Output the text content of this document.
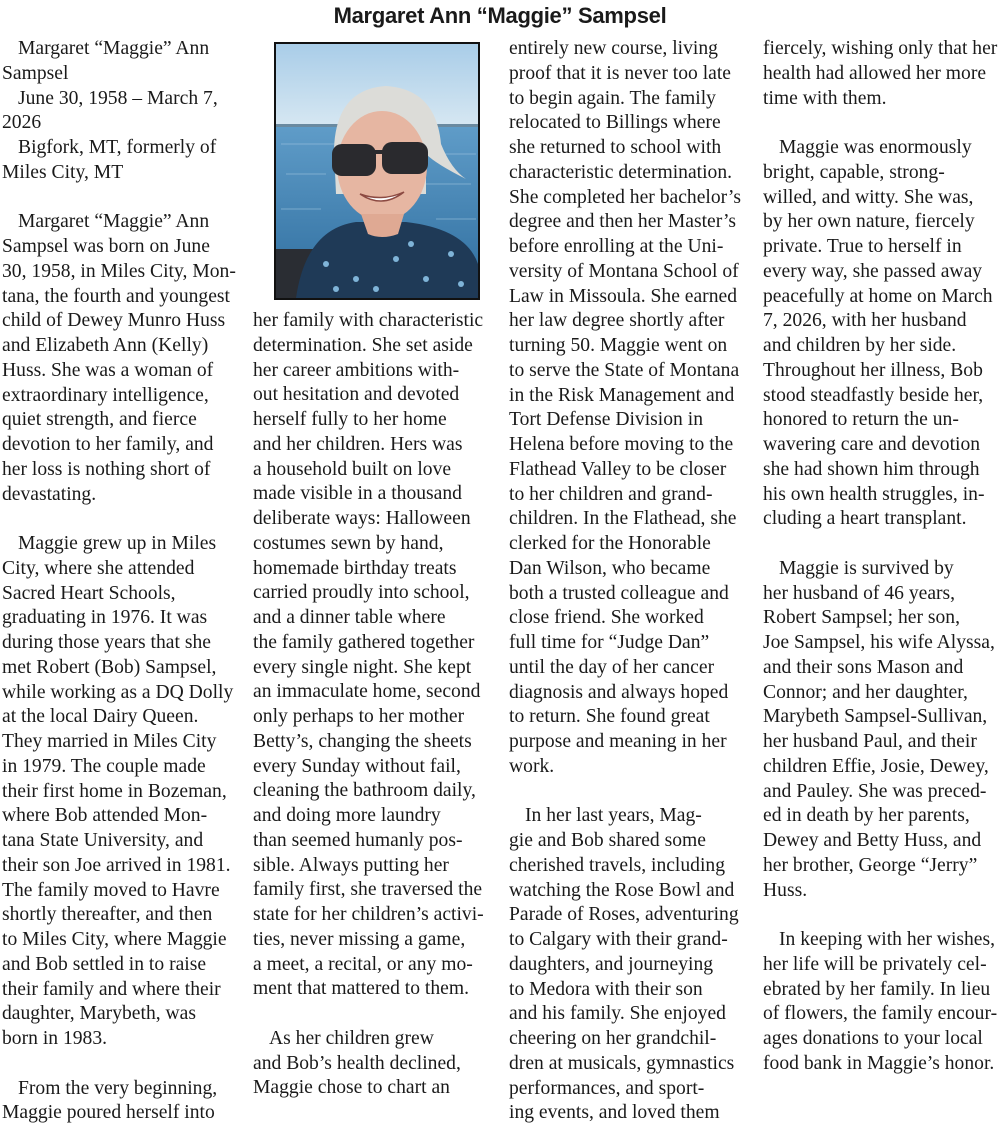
Margaret Ann “Maggie” Sampsel
Margaret “Maggie” Ann
Sampsel
June 30, 1958 – March 7,
2026
Bigfork, MT, formerly of
Miles City, MT
Margaret “Maggie” Ann
Sampsel was born on June
30, 1958, in Miles City, Mon-
tana, the fourth and youngest
child of Dewey Munro Huss
and Elizabeth Ann (Kelly)
Huss. She was a woman of
extraordinary intelligence,
quiet strength, and fierce
devotion to her family, and
her loss is nothing short of
devastating.
Maggie grew up in Miles
City, where she attended
Sacred Heart Schools,
graduating in 1976. It was
during those years that she
met Robert (Bob) Sampsel,
while working as a DQ Dolly
at the local Dairy Queen.
They married in Miles City
in 1979. The couple made
their first home in Bozeman,
where Bob attended Mon-
tana State University, and
their son Joe arrived in 1981.
The family moved to Havre
shortly thereafter, and then
to Miles City, where Maggie
and Bob settled in to raise
their family and where their
daughter, Marybeth, was
born in 1983.
From the very beginning,
Maggie poured herself into
her family with characteristic
determination. She set aside
her career ambitions with-
out hesitation and devoted
herself fully to her home
and her children. Hers was
a household built on love
made visible in a thousand
deliberate ways: Halloween
costumes sewn by hand,
homemade birthday treats
carried proudly into school,
and a dinner table where
the family gathered together
every single night. She kept
an immaculate home, second
only perhaps to her mother
Betty’s, changing the sheets
every Sunday without fail,
cleaning the bathroom daily,
and doing more laundry
than seemed humanly pos-
sible. Always putting her
family first, she traversed the
state for her children’s activi-
ties, never missing a game,
a meet, a recital, or any mo-
ment that mattered to them.
As her children grew
and Bob’s health declined,
Maggie chose to chart an
entirely new course, living
proof that it is never too late
to begin again. The family
relocated to Billings where
she returned to school with
characteristic determination.
She completed her bachelor’s
degree and then her Master’s
before enrolling at the Uni-
versity of Montana School of
Law in Missoula. She earned
her law degree shortly after
turning 50. Maggie went on
to serve the State of Montana
in the Risk Management and
Tort Defense Division in
Helena before moving to the
Flathead Valley to be closer
to her children and grand-
children. In the Flathead, she
clerked for the Honorable
Dan Wilson, who became
both a trusted colleague and
close friend. She worked
full time for “Judge Dan”
until the day of her cancer
diagnosis and always hoped
to return. She found great
purpose and meaning in her
work.
In her last years, Mag-
gie and Bob shared some
cherished travels, including
watching the Rose Bowl and
Parade of Roses, adventuring
to Calgary with their grand-
daughters, and journeying
to Medora with their son
and his family. She enjoyed
cheering on her grandchil-
dren at musicals, gymnastics
performances, and sport-
ing events, and loved them
fiercely, wishing only that her
health had allowed her more
time with them.
Maggie was enormously
bright, capable, strong-
willed, and witty. She was,
by her own nature, fiercely
private. True to herself in
every way, she passed away
peacefully at home on March
7, 2026, with her husband
and children by her side.
Throughout her illness, Bob
stood steadfastly beside her,
honored to return the un-
wavering care and devotion
she had shown him through
his own health struggles, in-
cluding a heart transplant.
Maggie is survived by
her husband of 46 years,
Robert Sampsel; her son,
Joe Sampsel, his wife Alyssa,
and their sons Mason and
Connor; and her daughter,
Marybeth Sampsel-Sullivan,
her husband Paul, and their
children Effie, Josie, Dewey,
and Pauley. She was preced-
ed in death by her parents,
Dewey and Betty Huss, and
her brother, George “Jerry”
Huss.
In keeping with her wishes,
her life will be privately cel-
ebrated by her family. In lieu
of flowers, the family encour-
ages donations to your local
food bank in Maggie’s honor.
